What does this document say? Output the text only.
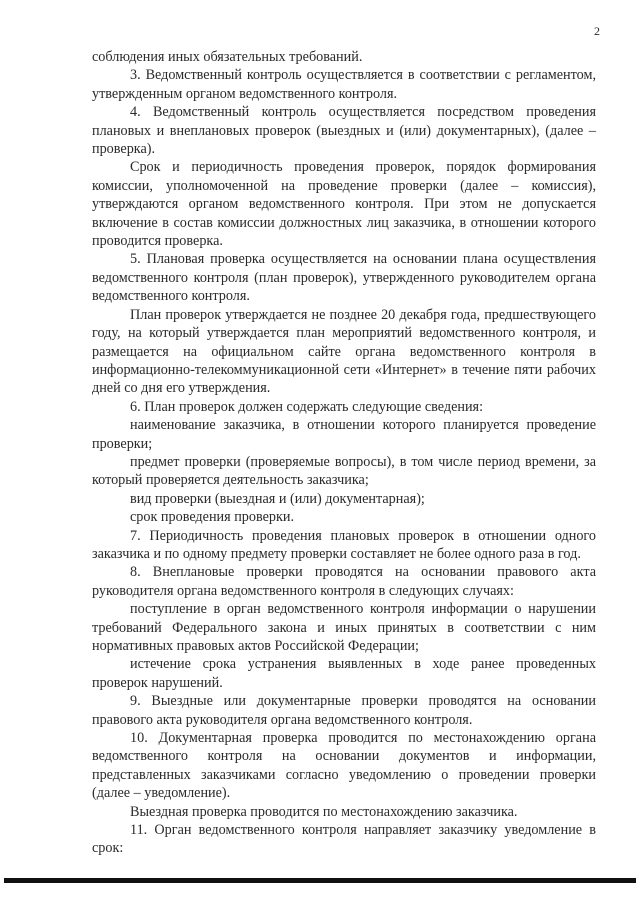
2

соблюдения иных обязательных требований.

3. Ведомственный контроль осуществляется в соответствии с регламентом, утвержденным органом ведомственного контроля.

4. Ведомственный контроль осуществляется посредством проведения плановых и внеплановых проверок (выездных и (или) документарных), (далее – проверка).

Срок и периодичность проведения проверок, порядок формирования комиссии, уполномоченной на проведение проверки (далее – комиссия), утверждаются органом ведомственного контроля. При этом не допускается включение в состав комиссии должностных лиц заказчика, в отношении которого проводится проверка.

5. Плановая проверка осуществляется на основании плана осуществления ведомственного контроля (план проверок), утвержденного руководителем органа ведомственного контроля.

План проверок утверждается не позднее 20 декабря года, предшествующего году, на который утверждается план мероприятий ведомственного контроля, и размещается на официальном сайте органа ведомственного контроля в информационно-телекоммуникационной сети «Интернет» в течение пяти рабочих дней со дня его утверждения.

6. План проверок должен содержать следующие сведения:

наименование заказчика, в отношении которого планируется проведение проверки;

предмет проверки (проверяемые вопросы), в том числе период времени, за который проверяется деятельность заказчика;

вид проверки (выездная и (или) документарная);

срок проведения проверки.

7. Периодичность проведения плановых проверок в отношении одного заказчика и по одному предмету проверки составляет не более одного раза в год.

8. Внеплановые проверки проводятся на основании правового акта руководителя органа ведомственного контроля в следующих случаях:

поступление в орган ведомственного контроля информации о нарушении требований Федерального закона и иных принятых в соответствии с ним нормативных правовых актов Российской Федерации;

истечение срока устранения выявленных в ходе ранее проведенных проверок нарушений.

9. Выездные или документарные проверки проводятся на основании правового акта руководителя органа ведомственного контроля.

10. Документарная проверка проводится по местонахождению органа ведомственного контроля на основании документов и информации, представленных заказчиками согласно уведомлению о проведении проверки (далее – уведомление).

Выездная проверка проводится по местонахождению заказчика.

11. Орган ведомственного контроля направляет заказчику уведомление в срок:
